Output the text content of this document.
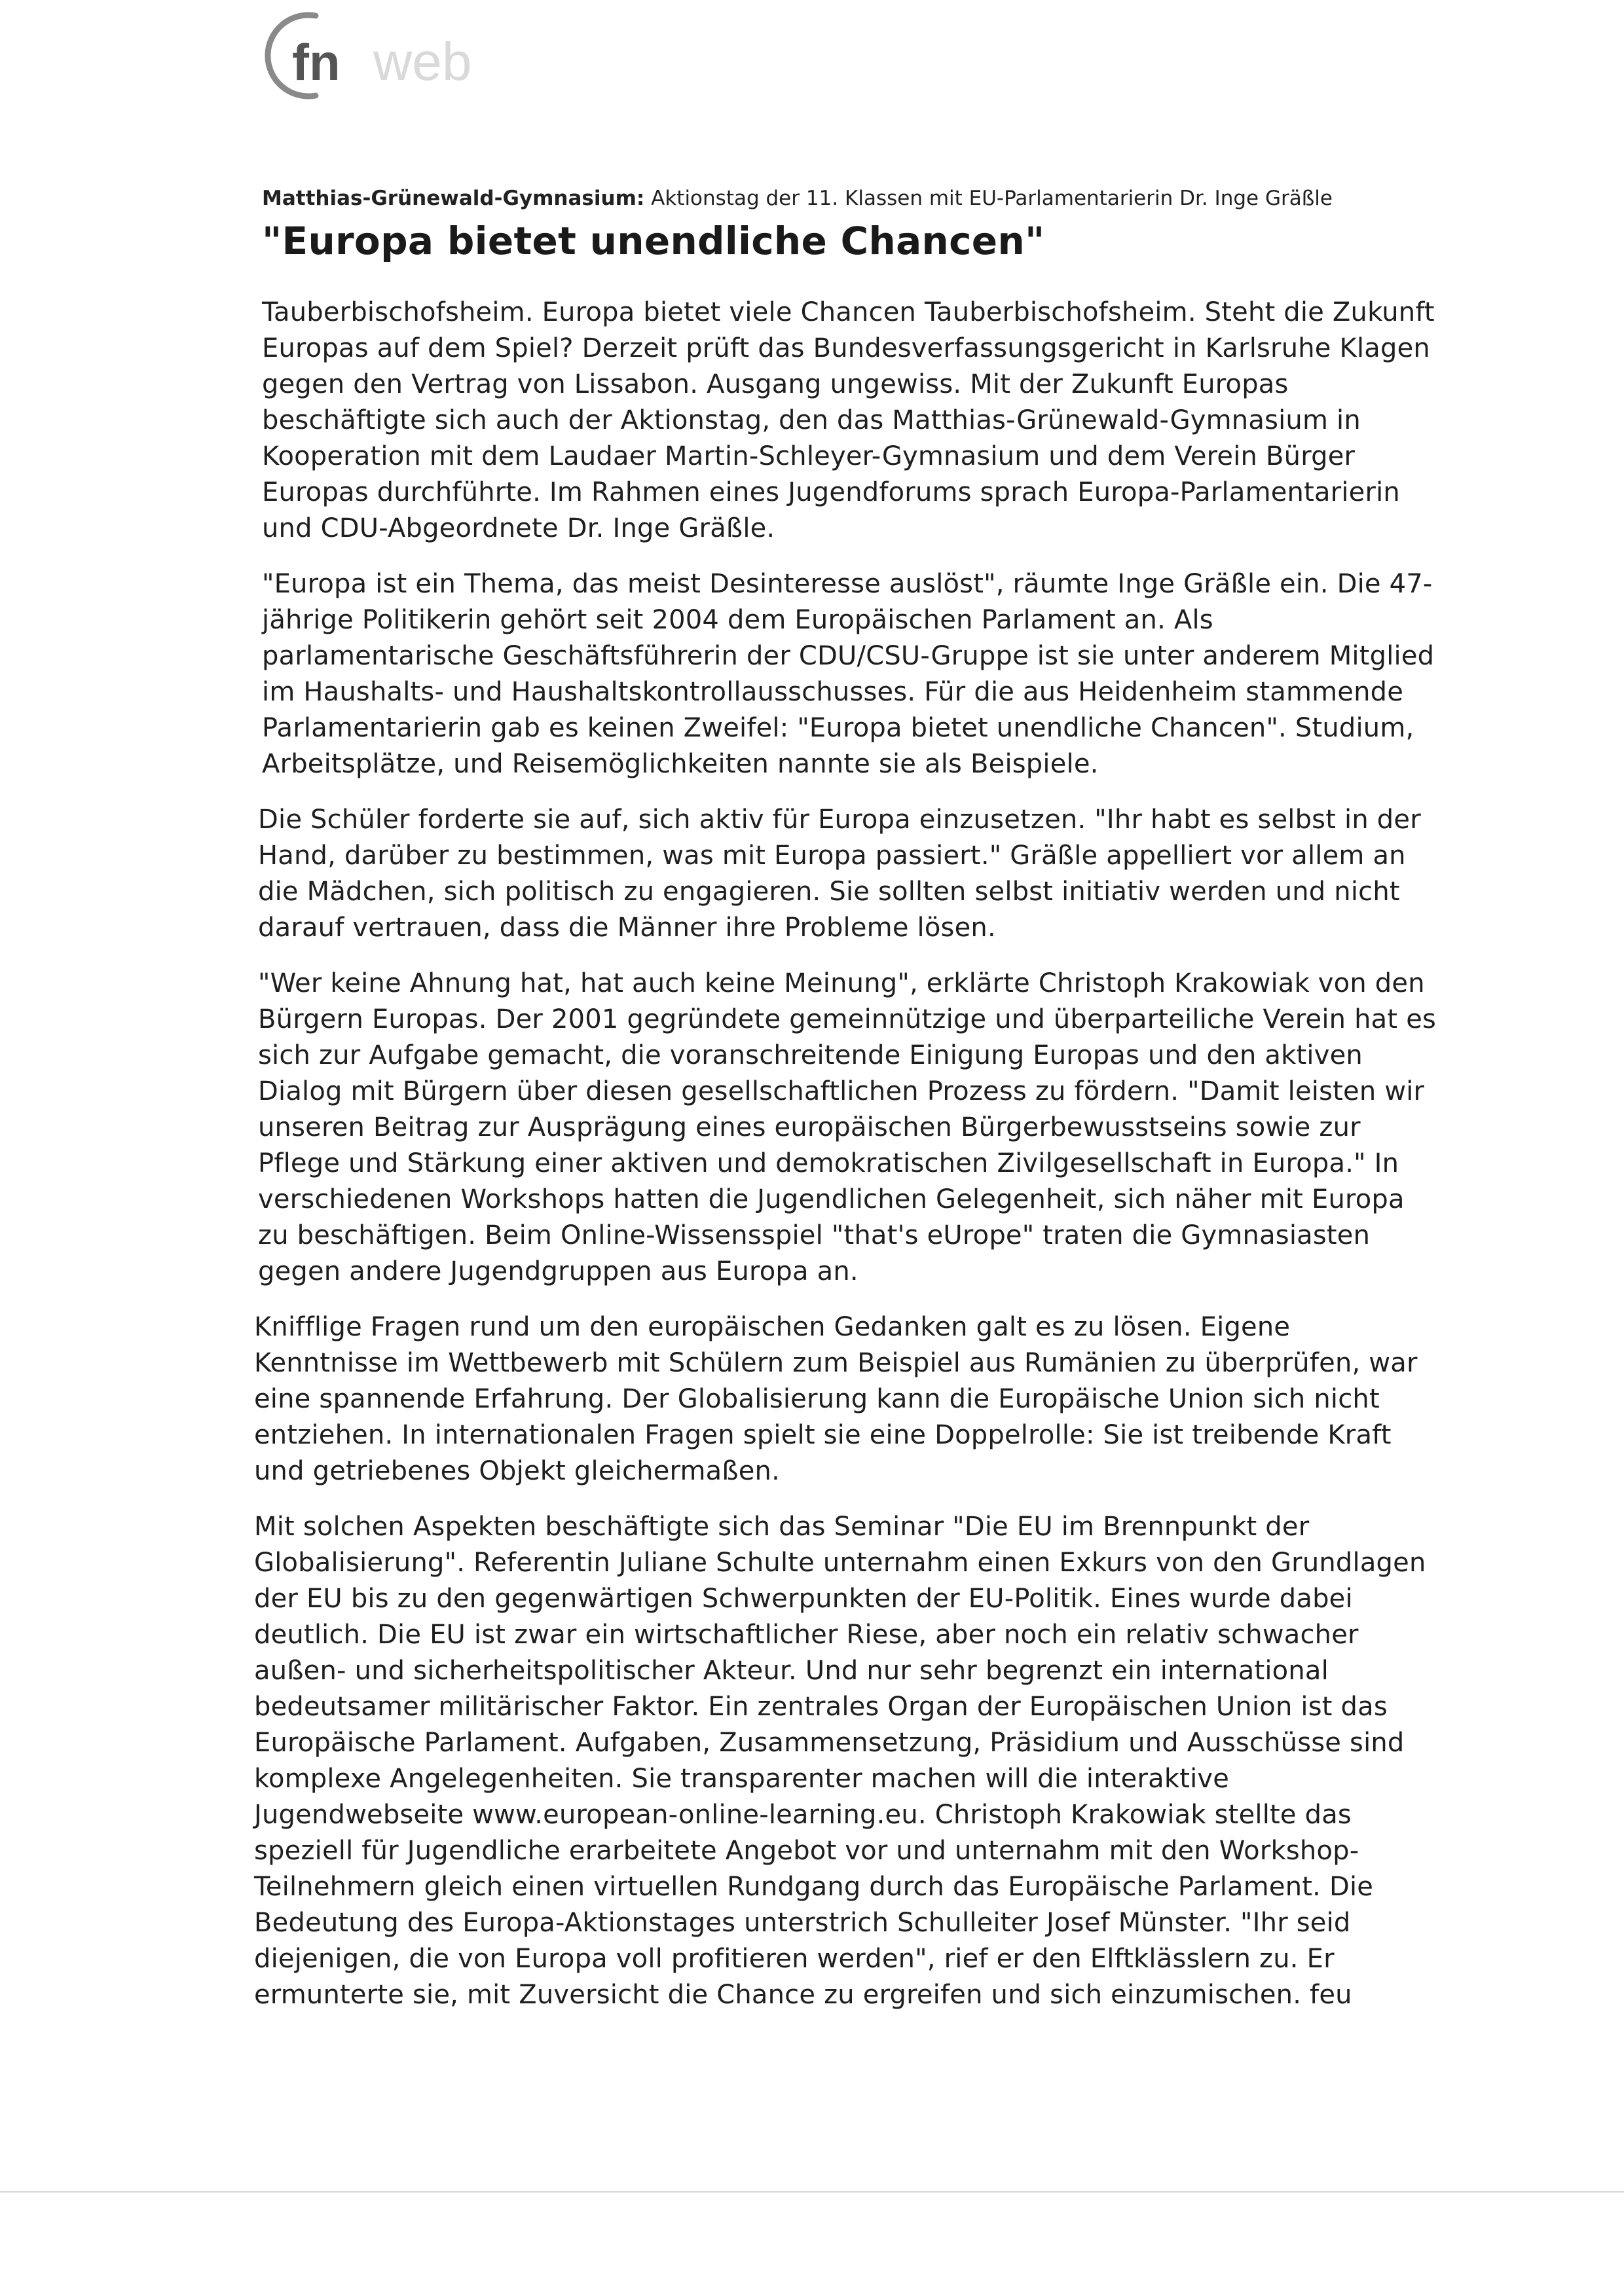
fn web
Matthias-Grünewald-Gymnasium: Aktionstag der 11. Klassen mit EU-Parlamentarierin Dr. Inge Gräßle
"Europa bietet unendliche Chancen"

Tauberbischofsheim. Europa bietet viele Chancen Tauberbischofsheim. Steht die Zukunft Europas auf dem Spiel? Derzeit prüft das Bundesverfassungsgericht in Karlsruhe Klagen gegen den Vertrag von Lissabon. Ausgang ungewiss. Mit der Zukunft Europas beschäftigte sich auch der Aktionstag, den das Matthias-Grünewald-Gymnasium in Kooperation mit dem Laudaer Martin-Schleyer-Gymnasium und dem Verein Bürger Europas durchführte. Im Rahmen eines Jugendforums sprach Europa-Parlamentarierin und CDU-Abgeordnete Dr. Inge Gräßle.

"Europa ist ein Thema, das meist Desinteresse auslöst", räumte Inge Gräßle ein. Die 47-jährige Politikerin gehört seit 2004 dem Europäischen Parlament an. Als parlamentarische Geschäftsführerin der CDU/CSU-Gruppe ist sie unter anderem Mitglied im Haushalts- und Haushaltskontrollausschusses. Für die aus Heidenheim stammende Parlamentarierin gab es keinen Zweifel: "Europa bietet unendliche Chancen". Studium, Arbeitsplätze, und Reisemöglichkeiten nannte sie als Beispiele.

Die Schüler forderte sie auf, sich aktiv für Europa einzusetzen. "Ihr habt es selbst in der Hand, darüber zu bestimmen, was mit Europa passiert." Gräßle appelliert vor allem an die Mädchen, sich politisch zu engagieren. Sie sollten selbst initiativ werden und nicht darauf vertrauen, dass die Männer ihre Probleme lösen.

"Wer keine Ahnung hat, hat auch keine Meinung", erklärte Christoph Krakowiak von den Bürgern Europas. Der 2001 gegründete gemeinnützige und überparteiliche Verein hat es sich zur Aufgabe gemacht, die voranschreitende Einigung Europas und den aktiven Dialog mit Bürgern über diesen gesellschaftlichen Prozess zu fördern. "Damit leisten wir unseren Beitrag zur Ausprägung eines europäischen Bürgerbewusstseins sowie zur Pflege und Stärkung einer aktiven und demokratischen Zivilgesellschaft in Europa." In verschiedenen Workshops hatten die Jugendlichen Gelegenheit, sich näher mit Europa zu beschäftigen. Beim Online-Wissensspiel "that's eUrope" traten die Gymnasiasten gegen andere Jugendgruppen aus Europa an.

Knifflige Fragen rund um den europäischen Gedanken galt es zu lösen. Eigene Kenntnisse im Wettbewerb mit Schülern zum Beispiel aus Rumänien zu überprüfen, war eine spannende Erfahrung. Der Globalisierung kann die Europäische Union sich nicht entziehen. In internationalen Fragen spielt sie eine Doppelrolle: Sie ist treibende Kraft und getriebenes Objekt gleichermaßen.

Mit solchen Aspekten beschäftigte sich das Seminar "Die EU im Brennpunkt der Globalisierung". Referentin Juliane Schulte unternahm einen Exkurs von den Grundlagen der EU bis zu den gegenwärtigen Schwerpunkten der EU-Politik. Eines wurde dabei deutlich. Die EU ist zwar ein wirtschaftlicher Riese, aber noch ein relativ schwacher außen- und sicherheitspolitischer Akteur. Und nur sehr begrenzt ein international bedeutsamer militärischer Faktor. Ein zentrales Organ der Europäischen Union ist das Europäische Parlament. Aufgaben, Zusammensetzung, Präsidium und Ausschüsse sind komplexe Angelegenheiten. Sie transparenter machen will die interaktive Jugendwebseite www.european-online-learning.eu. Christoph Krakowiak stellte das speziell für Jugendliche erarbeitete Angebot vor und unternahm mit den Workshop-Teilnehmern gleich einen virtuellen Rundgang durch das Europäische Parlament. Die Bedeutung des Europa-Aktionstages unterstrich Schulleiter Josef Münster. "Ihr seid diejenigen, die von Europa voll profitieren werden", rief er den Elftklässlern zu. Er ermunterte sie, mit Zuversicht die Chance zu ergreifen und sich einzumischen. feu
